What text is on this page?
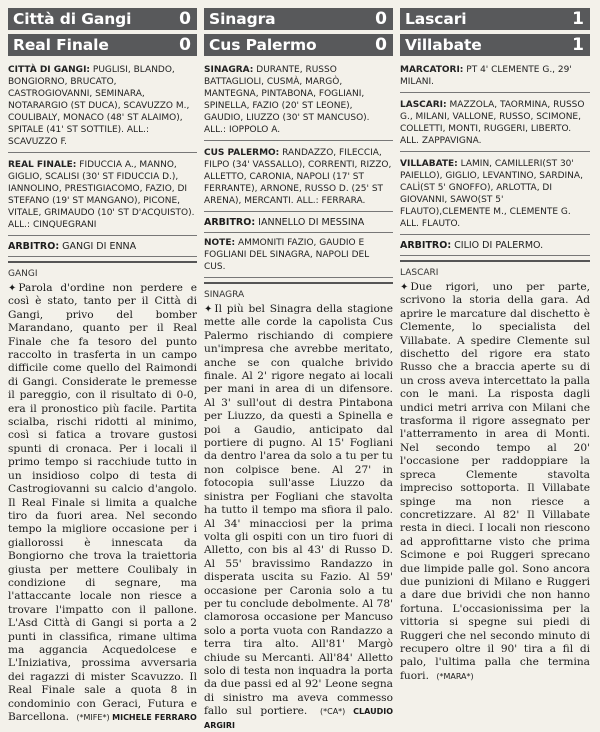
Città di Gangi	0
Real Finale	0

CITTÀ DI GANGI: PUGLISI, BLANDO, BONGIORNO, BRUCATO, CASTROGIOVANNI, SEMINARA, NOTARARGIO (ST DUCA), SCAVUZZO M., COULIBALY, MONACO (48' ST ALAIMO), SPITALE (41' ST SOTTILE). ALL.: SCAVUZZO F.

REAL FINALE: FIDUCCIA A., MANNO, GIGLIO, SCALISI (30' ST FIDUCCIA D.), IANNOLINO, PRESTIGIACOMO, FAZIO, DI STEFANO (19' ST MANGANO), PICONE, VITALE, GRIMAUDO (10' ST D'ACQUISTO). ALL.: CINQUEGRANI

ARBITRO: GANGI DI ENNA
GANGI
✦ Parola d'ordine non perdere e così è stato, tanto per il Città di Gangi, privo del bomber Marandano, quanto per il Real Finale che fa tesoro del punto raccolto in trasferta in un campo difficile come quello del Raimondi di Gangi. Considerate le premesse il pareggio, con il risultato di 0-0, era il pronostico più facile. Partita scialba, rischi ridotti al minimo, così si fatica a trovare gustosi spunti di cronaca. Per i locali il primo tempo si racchiude tutto in un insidioso colpo di testa di Castrogiovanni su calcio d'angolo. Il Real Finale si limita a qualche tiro da fuori area. Nel secondo tempo la migliore occasione per i giallorossi è innescata da Bongiorno che trova la traiettoria giusta per mettere Coulibaly in condizione di segnare, ma l'attaccante locale non riesce a trovare l'impatto con il pallone. L'Asd Città di Gangi si porta a 2 punti in classifica, rimane ultima ma aggancia Acquedolcese e L'Iniziativa, prossima avversaria dei ragazzi di mister Scavuzzo. Il Real Finale sale a quota 8 in condominio con Geraci, Futura e Barcellona. (*MIFE*) MICHELE FERRARO
Sinagra	0
Cus Palermo	0

SINAGRA: DURANTE, RUSSO BATTAGLIOLI, CUSMÀ, MARGÒ, MANTEGNA, PINTABONA, FOGLIANI, SPINELLA, FAZIO (20' ST LEONE), GAUDIO, LIUZZO (30' ST MANCUSO). ALL.: IOPPOLO A.

CUS PALERMO: RANDAZZO, FILECCIA, FILPO (34' VASSALLO), CORRENTI, RIZZO, ALLETTO, CARONIA, NAPOLI (17' ST FERRANTE), ARNONE, RUSSO D. (25' ST ARENA), MERCANTI. ALL.: FERRARA.

ARBITRO: IANNELLO DI MESSINA

NOTE: AMMONITI FAZIO, GAUDIO E FOGLIANI DEL SINAGRA, NAPOLI DEL CUS.

SINAGRA
✦ Il più bel Sinagra della stagione mette alle corde la capolista Cus Palermo rischiando di compiere un'impresa che avrebbe meritato, anche se con qualche brivido finale. Al 2' rigore negato ai locali per mani in area di un difensore. Al 3' sull'out di destra Pintabona per Liuzzo, da questi a Spinella e poi a Gaudio, anticipato dal portiere di pugno. Al 15' Fogliani da dentro l'area da solo a tu per tu non colpisce bene. Al 27' in fotocopia sull'asse Liuzzo da sinistra per Fogliani che stavolta ha tutto il tempo ma sfiora il palo. Al 34' minacciosi per la prima volta gli ospiti con un tiro fuori di Alletto, con bis al 43' di Russo D. Al 55' bravissimo Randazzo in disperata uscita su Fazio. Al 59' occasione per Caronia solo a tu per tu conclude debolmente. Al 78' clamorosa occasione per Mancuso solo a porta vuota con Randazzo a terra tira alto. All'81' Margò chiude su Mercanti. All'84' Alletto solo di testa non inquadra la porta da due passi ed al 92' Leone segna di sinistro ma aveva commesso fallo sul portiere. (*CA*) CLAUDIO ARGIRI
Lascari	1
Villabate	1

MARCATORI: PT 4' CLEMENTE G., 29' MILANI.

LASCARI: MAZZOLA, TAORMINA, RUSSO G., MILANI, VALLONE, RUSSO, SCIMONE, COLLETTI, MONTI, RUGGERI, LIBERTO. ALL. ZAPPAVIGNA.

VILLABATE: LAMIN, CAMILLERI(ST 30' PAIELLO), GIGLIO, LEVANTINO, SARDINA, CALÌ(ST 5' GNOFFO), ARLOTTA, DI GIOVANNI, SAWO(ST 5' FLAUTO),CLEMENTE M., CLEMENTE G. ALL. FLAUTO.

ARBITRO: CILIO DI PALERMO.
LASCARI
✦ Due rigori, uno per parte, scrivono la storia della gara. Ad aprire le marcature dal dischetto è Clemente, lo specialista del Villabate. A spedire Clemente sul dischetto del rigore era stato Russo che a braccia aperte su di un cross aveva intercettato la palla con le mani. La risposta dagli undici metri arriva con Milani che trasforma il rigore assegnato per l'atterramento in area di Monti. Nel secondo tempo al 20' l'occasione per raddoppiare la spreca Clemente stavolta impreciso sottoporta. Il Villabate spinge ma non riesce a concretizzare. Al 82' Il Villabate resta in dieci. I locali non riescono ad approfittarne visto che prima Scimone e poi Ruggeri sprecano due limpide palle gol. Sono ancora due punizioni di Milano e Ruggeri a dare due brividi che non hanno fortuna. L'occasionissima per la vittoria si spegne sui piedi di Ruggeri che nel secondo minuto di recupero oltre il 90' tira a fil di palo, l'ultima palla che termina fuori. (*MARA*)
